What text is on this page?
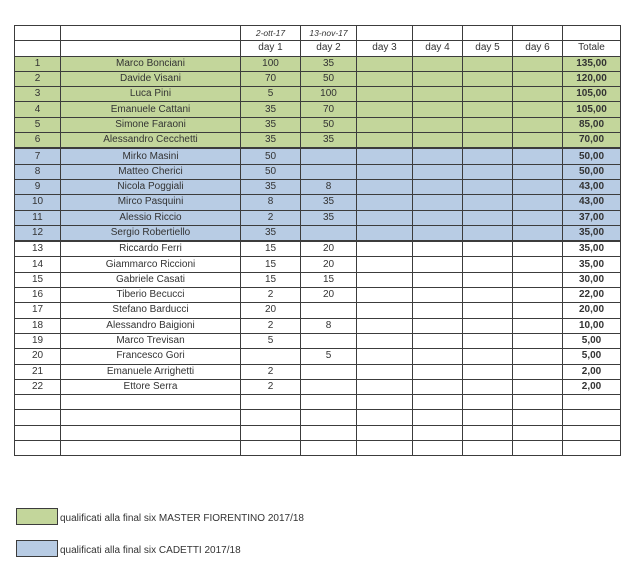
		2-ott-17	13-nov-17					
		day 1	day 2	day 3	day 4	day 5	day 6	Totale
1	Marco Bonciani	100	35					135,00
2	Davide Visani	70	50					120,00
3	Luca Pini	5	100					105,00
4	Emanuele Cattani	35	70					105,00
5	Simone Faraoni	35	50					85,00
6	Alessandro Cecchetti	35	35					70,00
7	Mirko Masini	50						50,00
8	Matteo Cherici	50						50,00
9	Nicola Poggiali	35	8					43,00
10	Mirco Pasquini	8	35					43,00
11	Alessio Riccio	2	35					37,00
12	Sergio Robertiello	35						35,00
13	Riccardo Ferri	15	20					35,00
14	Giammarco Riccioni	15	20					35,00
15	Gabriele Casati	15	15					30,00
16	Tiberio Becucci	2	20					22,00
17	Stefano Barducci	20						20,00
18	Alessandro Baigioni	2	8					10,00
19	Marco Trevisan	5						5,00
20	Francesco Gori		5					5,00
21	Emanuele Arrighetti	2						2,00
22	Ettore Serra	2						2,00

qualificati alla final six MASTER FIORENTINO 2017/18
qualificati alla final six CADETTI 2017/18
